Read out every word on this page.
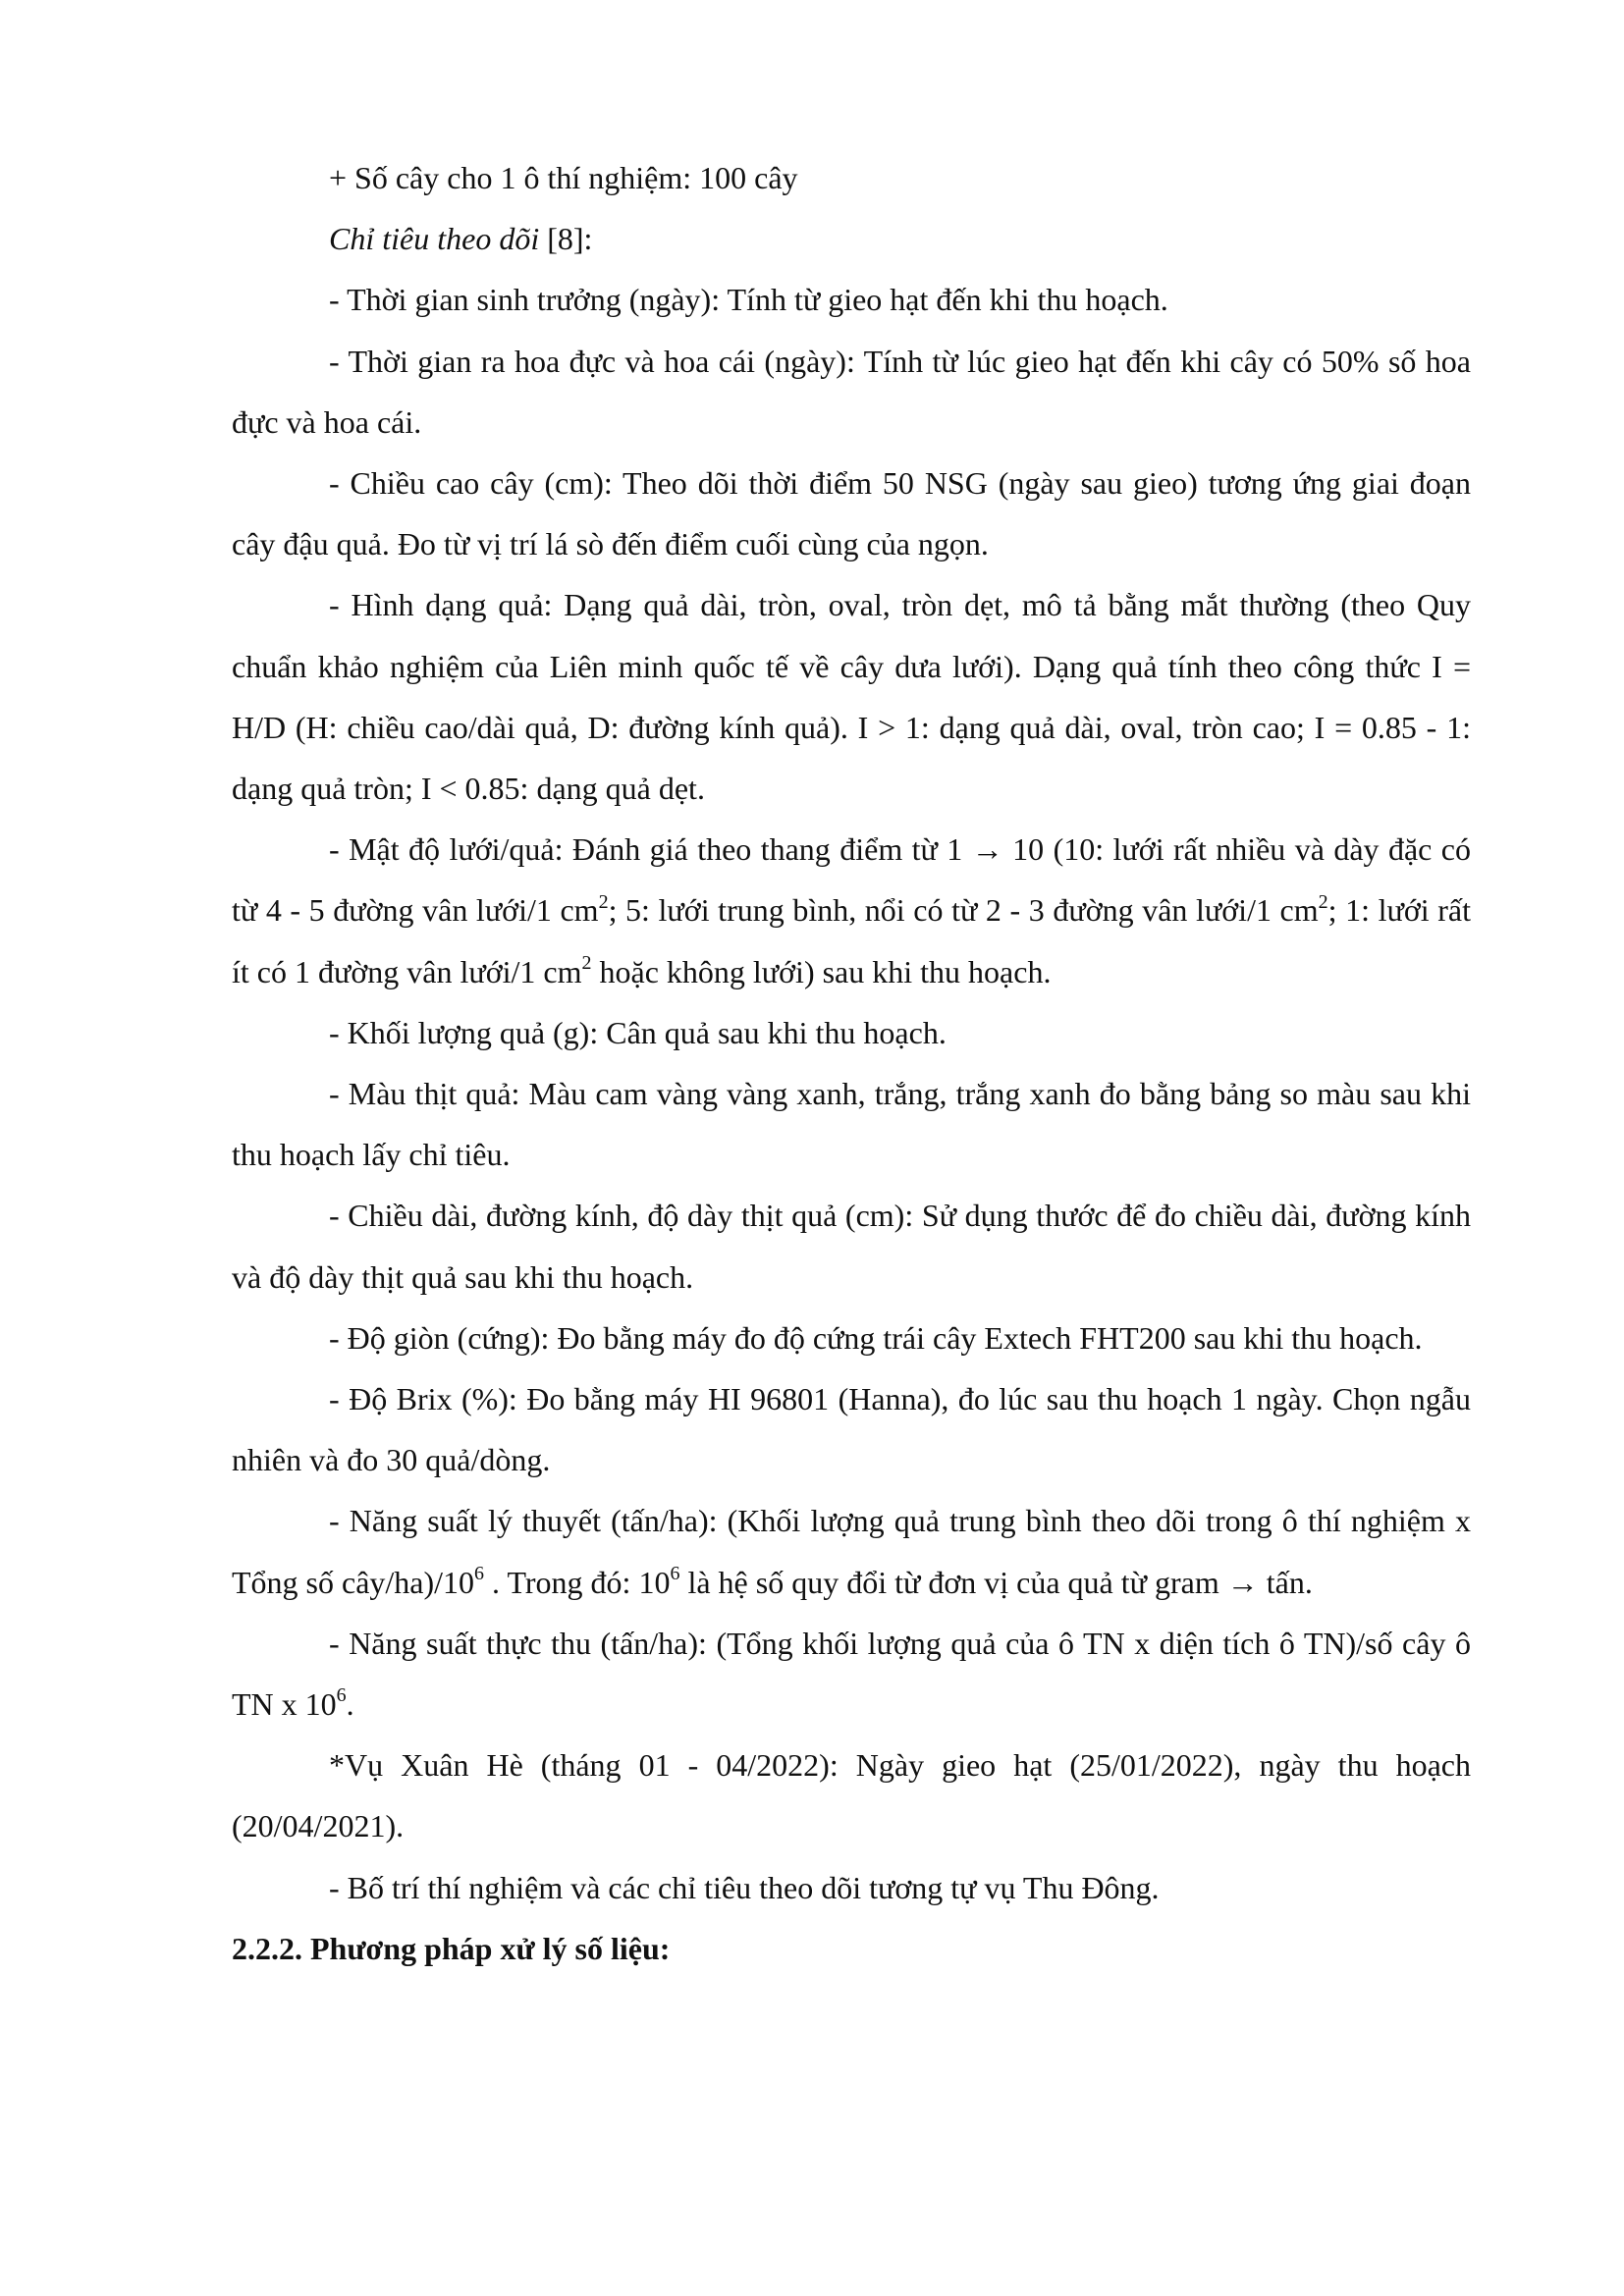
+ Số cây cho 1 ô thí nghiệm: 100 cây

Chỉ tiêu theo dõi [8]:

- Thời gian sinh trưởng (ngày): Tính từ gieo hạt đến khi thu hoạch.

- Thời gian ra hoa đực và hoa cái (ngày): Tính từ lúc gieo hạt đến khi cây có 50% số hoa đực và hoa cái.

- Chiều cao cây (cm): Theo dõi thời điểm 50 NSG (ngày sau gieo) tương ứng giai đoạn cây đậu quả. Đo từ vị trí lá sò đến điểm cuối cùng của ngọn.

- Hình dạng quả: Dạng quả dài, tròn, oval, tròn dẹt, mô tả bằng mắt thường (theo Quy chuẩn khảo nghiệm của Liên minh quốc tế về cây dưa lưới). Dạng quả tính theo công thức I = H/D (H: chiều cao/dài quả, D: đường kính quả). I > 1: dạng quả dài, oval, tròn cao; I = 0.85 - 1: dạng quả tròn; I < 0.85: dạng quả dẹt.

- Mật độ lưới/quả: Đánh giá theo thang điểm từ 1 → 10 (10: lưới rất nhiều và dày đặc có từ 4 - 5 đường vân lưới/1 $cm^2$; 5: lưới trung bình, nổi có từ 2 - 3 đường vân lưới/1 $cm^2$; 1: lưới rất ít có 1 đường vân lưới/1 $cm^2$ hoặc không lưới) sau khi thu hoạch.

- Khối lượng quả (g): Cân quả sau khi thu hoạch.

- Màu thịt quả: Màu cam vàng vàng xanh, trắng, trắng xanh đo bằng bảng so màu sau khi thu hoạch lấy chỉ tiêu.

- Chiều dài, đường kính, độ dày thịt quả (cm): Sử dụng thước để đo chiều dài, đường kính và độ dày thịt quả sau khi thu hoạch.

- Độ giòn (cứng): Đo bằng máy đo độ cứng trái cây Extech FHT200 sau khi thu hoạch.

- Độ Brix (%): Đo bằng máy HI 96801 (Hanna), đo lúc sau thu hoạch 1 ngày. Chọn ngẫu nhiên và đo 30 quả/dòng.

- Năng suất lý thuyết (tấn/ha): (Khối lượng quả trung bình theo dõi trong ô thí nghiệm x Tổng số cây/$ha)/10^6$ . Trong đó: $10^6$ là hệ số quy đổi từ đơn vị của quả từ gram → tấn.

- Năng suất thực thu (tấn/ha): (Tổng khối lượng quả của ô TN x diện tích ô TN)/số cây ô TN x $10^6$.

*Vụ Xuân Hè (tháng 01 - 04/2022): Ngày gieo hạt (25/01/2022), ngày thu hoạch (20/04/2021).

- Bố trí thí nghiệm và các chỉ tiêu theo dõi tương tự vụ Thu Đông.

2.2.2. Phương pháp xử lý số liệu:
